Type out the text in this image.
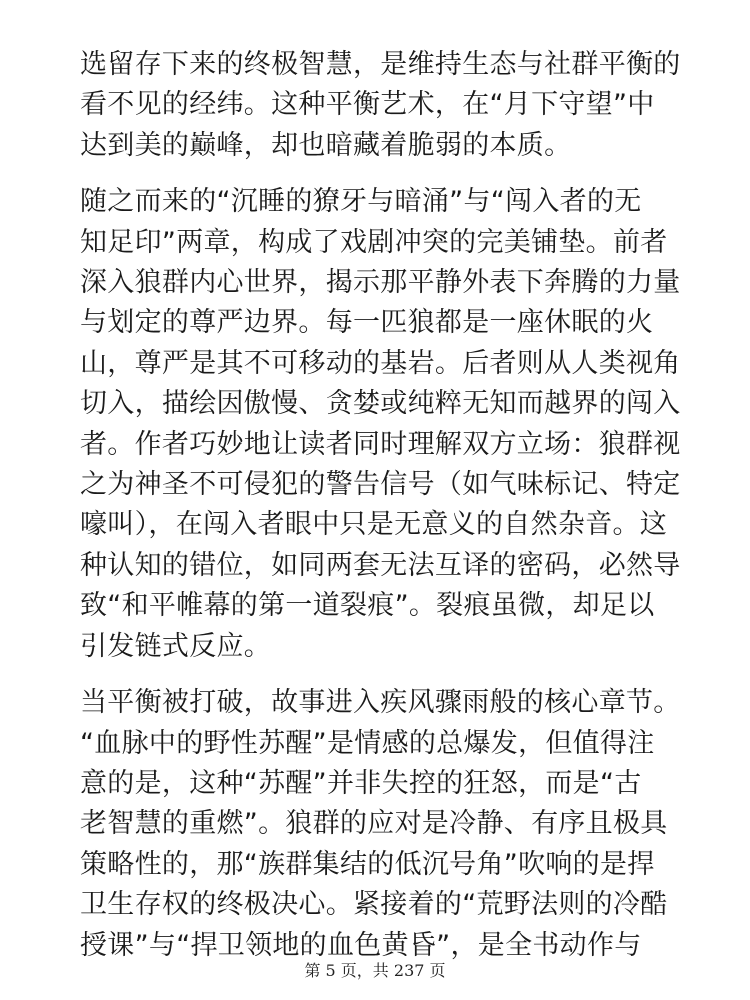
选留存下来的终极智慧，是维持生态与社群平衡的
看不见的经纬。这种平衡艺术，在“月下守望”中
达到美的巅峰，却也暗藏着脆弱的本质。
随之而来的“沉睡的獠牙与暗涌”与“闯入者的无
知足印”两章，构成了戏剧冲突的完美铺垫。前者
深入狼群内心世界，揭示那平静外表下奔腾的力量
与划定的尊严边界。每一匹狼都是一座休眠的火
山，尊严是其不可移动的基岩。后者则从人类视角
切入，描绘因傲慢、贪婪或纯粹无知而越界的闯入
者。作者巧妙地让读者同时理解双方立场：狼群视
之为神圣不可侵犯的警告信号（如气味标记、特定
嚎叫），在闯入者眼中只是无意义的自然杂音。这
种认知的错位，如同两套无法互译的密码，必然导
致“和平帷幕的第一道裂痕”。裂痕虽微，却足以
引发链式反应。
当平衡被打破，故事进入疾风骤雨般的核心章节。
“血脉中的野性苏醒”是情感的总爆发，但值得注
意的是，这种“苏醒”并非失控的狂怒，而是“古
老智慧的重燃”。狼群的应对是冷静、有序且极具
策略性的，那“族群集结的低沉号角”吹响的是捍
卫生存权的终极决心。紧接着的“荒野法则的冷酷
授课”与“捍卫领地的血色黄昏”，是全书动作与
第 5 页，共 237 页
